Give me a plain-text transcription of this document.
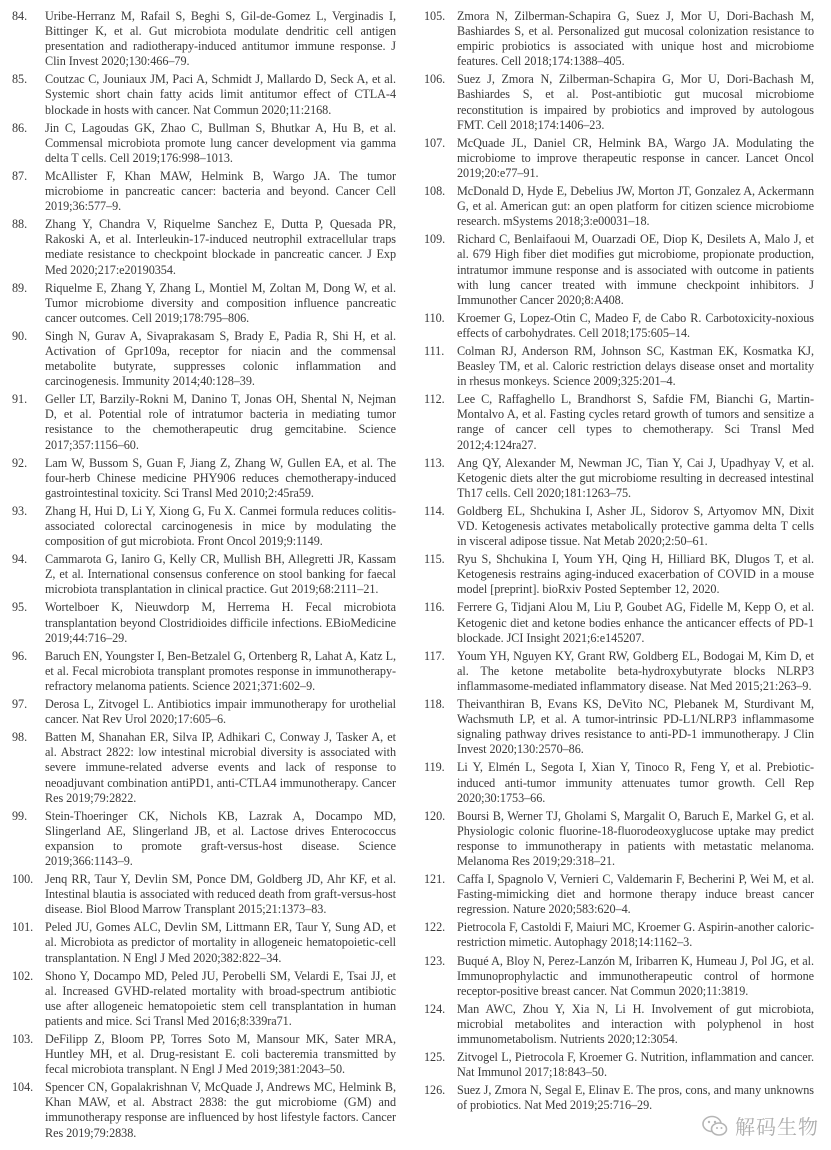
84.	Uribe-Herranz M, Rafail S, Beghi S, Gil-de-Gomez L, Verginadis I, Bittinger K, et al. Gut microbiota modulate dendritic cell antigen presentation and radiotherapy-induced antitumor immune response. J Clin Invest 2020;130:466–79.
85.	Coutzac C, Jouniaux JM, Paci A, Schmidt J, Mallardo D, Seck A, et al. Systemic short chain fatty acids limit antitumor effect of CTLA-4 blockade in hosts with cancer. Nat Commun 2020;11:2168.
86.	Jin C, Lagoudas GK, Zhao C, Bullman S, Bhutkar A, Hu B, et al. Commensal microbiota promote lung cancer development via gamma delta T cells. Cell 2019;176:998–1013.
87.	McAllister F, Khan MAW, Helmink B, Wargo JA. The tumor microbiome in pancreatic cancer: bacteria and beyond. Cancer Cell 2019;36:577–9.
88.	Zhang Y, Chandra V, Riquelme Sanchez E, Dutta P, Quesada PR, Rakoski A, et al. Interleukin-17-induced neutrophil extracellular traps mediate resistance to checkpoint blockade in pancreatic cancer. J Exp Med 2020;217:e20190354.
89.	Riquelme E, Zhang Y, Zhang L, Montiel M, Zoltan M, Dong W, et al. Tumor microbiome diversity and composition influence pancreatic cancer outcomes. Cell 2019;178:795–806.
90.	Singh N, Gurav A, Sivaprakasam S, Brady E, Padia R, Shi H, et al. Activation of Gpr109a, receptor for niacin and the commensal metabolite butyrate, suppresses colonic inflammation and carcinogenesis. Immunity 2014;40:128–39.
91.	Geller LT, Barzily-Rokni M, Danino T, Jonas OH, Shental N, Nejman D, et al. Potential role of intratumor bacteria in mediating tumor resistance to the chemotherapeutic drug gemcitabine. Science 2017;357:1156–60.
92.	Lam W, Bussom S, Guan F, Jiang Z, Zhang W, Gullen EA, et al. The four-herb Chinese medicine PHY906 reduces chemotherapy-induced gastrointestinal toxicity. Sci Transl Med 2010;2:45ra59.
93.	Zhang H, Hui D, Li Y, Xiong G, Fu X. Canmei formula reduces colitis-associated colorectal carcinogenesis in mice by modulating the composition of gut microbiota. Front Oncol 2019;9:1149.
94.	Cammarota G, Ianiro G, Kelly CR, Mullish BH, Allegretti JR, Kassam Z, et al. International consensus conference on stool banking for faecal microbiota transplantation in clinical practice. Gut 2019;68:2111–21.
95.	Wortelboer K, Nieuwdorp M, Herrema H. Fecal microbiota transplantation beyond Clostridioides difficile infections. EBioMedicine 2019;44:716–29.
96.	Baruch EN, Youngster I, Ben-Betzalel G, Ortenberg R, Lahat A, Katz L, et al. Fecal microbiota transplant promotes response in immunotherapy-refractory melanoma patients. Science 2021;371:602–9.
97.	Derosa L, Zitvogel L. Antibiotics impair immunotherapy for urothelial cancer. Nat Rev Urol 2020;17:605–6.
98.	Batten M, Shanahan ER, Silva IP, Adhikari C, Conway J, Tasker A, et al. Abstract 2822: low intestinal microbial diversity is associated with severe immune-related adverse events and lack of response to neoadjuvant combination antiPD1, anti-CTLA4 immunotherapy. Cancer Res 2019;79:2822.
99.	Stein-Thoeringer CK, Nichols KB, Lazrak A, Docampo MD, Slingerland AE, Slingerland JB, et al. Lactose drives Enterococcus expansion to promote graft-versus-host disease. Science 2019;366:1143–9.
100. Jenq RR, Taur Y, Devlin SM, Ponce DM, Goldberg JD, Ahr KF, et al. Intestinal blautia is associated with reduced death from graft-versus-host disease. Biol Blood Marrow Transplant 2015;21:1373–83.
101. Peled JU, Gomes ALC, Devlin SM, Littmann ER, Taur Y, Sung AD, et al. Microbiota as predictor of mortality in allogeneic hematopoietic-cell transplantation. N Engl J Med 2020;382:822–34.
102. Shono Y, Docampo MD, Peled JU, Perobelli SM, Velardi E, Tsai JJ, et al. Increased GVHD-related mortality with broad-spectrum antibiotic use after allogeneic hematopoietic stem cell transplantation in human patients and mice. Sci Transl Med 2016;8:339ra71.
103. DeFilipp Z, Bloom PP, Torres Soto M, Mansour MK, Sater MRA, Huntley MH, et al. Drug-resistant E. coli bacteremia transmitted by fecal microbiota transplant. N Engl J Med 2019;381:2043–50.
104. Spencer CN, Gopalakrishnan V, McQuade J, Andrews MC, Helmink B, Khan MAW, et al. Abstract 2838: the gut microbiome (GM) and immunotherapy response are influenced by host lifestyle factors. Cancer Res 2019;79:2838.
105. Zmora N, Zilberman-Schapira G, Suez J, Mor U, Dori-Bachash M, Bashiardes S, et al. Personalized gut mucosal colonization resistance to empiric probiotics is associated with unique host and microbiome features. Cell 2018;174:1388–405.
106. Suez J, Zmora N, Zilberman-Schapira G, Mor U, Dori-Bachash M, Bashiardes S, et al. Post-antibiotic gut mucosal microbiome reconstitution is impaired by probiotics and improved by autologous FMT. Cell 2018;174:1406–23.
107. McQuade JL, Daniel CR, Helmink BA, Wargo JA. Modulating the microbiome to improve therapeutic response in cancer. Lancet Oncol 2019;20:e77–91.
108. McDonald D, Hyde E, Debelius JW, Morton JT, Gonzalez A, Ackermann G, et al. American gut: an open platform for citizen science microbiome research. mSystems 2018;3:e00031–18.
109. Richard C, Benlaifaoui M, Ouarzadi OE, Diop K, Desilets A, Malo J, et al. 679 High fiber diet modifies gut microbiome, propionate production, intratumor immune response and is associated with outcome in patients with lung cancer treated with immune checkpoint inhibitors. J Immunother Cancer 2020;8:A408.
110.	Kroemer G, Lopez-Otin C, Madeo F, de Cabo R. Carbotoxicity-noxious effects of carbohydrates. Cell 2018;175:605–14.
111.	Colman RJ, Anderson RM, Johnson SC, Kastman EK, Kosmatka KJ, Beasley TM, et al. Caloric restriction delays disease onset and mortality in rhesus monkeys. Science 2009;325:201–4.
112.	Lee C, Raffaghello L, Brandhorst S, Safdie FM, Bianchi G, Martin-Montalvo A, et al. Fasting cycles retard growth of tumors and sensitize a range of cancer cell types to chemotherapy. Sci Transl Med 2012;4:124ra27.
113.	Ang QY, Alexander M, Newman JC, Tian Y, Cai J, Upadhyay V, et al. Ketogenic diets alter the gut microbiome resulting in decreased intestinal Th17 cells. Cell 2020;181:1263–75.
114.	Goldberg EL, Shchukina I, Asher JL, Sidorov S, Artyomov MN, Dixit VD. Ketogenesis activates metabolically protective gamma delta T cells in visceral adipose tissue. Nat Metab 2020;2:50–61.
115.	Ryu S, Shchukina I, Youm YH, Qing H, Hilliard BK, Dlugos T, et al. Ketogenesis restrains aging-induced exacerbation of COVID in a mouse model [preprint]. bioRxiv Posted September 12, 2020.
116.	Ferrere G, Tidjani Alou M, Liu P, Goubet AG, Fidelle M, Kepp O, et al. Ketogenic diet and ketone bodies enhance the anticancer effects of PD-1 blockade. JCI Insight 2021;6:e145207.
117.	Youm YH, Nguyen KY, Grant RW, Goldberg EL, Bodogai M, Kim D, et al. The ketone metabolite beta-hydroxybutyrate blocks NLRP3 inflammasome-mediated inflammatory disease. Nat Med 2015;21:263–9.
118.	Theivanthiran B, Evans KS, DeVito NC, Plebanek M, Sturdivant M, Wachsmuth LP, et al. A tumor-intrinsic PD-L1/NLRP3 inflammasome signaling pathway drives resistance to anti-PD-1 immunotherapy. J Clin Invest 2020;130:2570–86.
119.	Li Y, Elmén L, Segota I, Xian Y, Tinoco R, Feng Y, et al. Prebiotic-induced anti-tumor immunity attenuates tumor growth. Cell Rep 2020;30:1753–66.
120. Boursi B, Werner TJ, Gholami S, Margalit O, Baruch E, Markel G, et al. Physiologic colonic fluorine-18-fluorodeoxyglucose uptake may predict response to immunotherapy in patients with metastatic melanoma. Melanoma Res 2019;29:318–21.
121. Caffa I, Spagnolo V, Vernieri C, Valdemarin F, Becherini P, Wei M, et al. Fasting-mimicking diet and hormone therapy induce breast cancer regression. Nature 2020;583:620–4.
122. Pietrocola F, Castoldi F, Maiuri MC, Kroemer G. Aspirin-another caloric-restriction mimetic. Autophagy 2018;14:1162–3.
123. Buqué A, Bloy N, Perez-Lanzón M, Iribarren K, Humeau J, Pol JG, et al. Immunoprophylactic and immunotherapeutic control of hormone receptor-positive breast cancer. Nat Commun 2020;11:3819.
124. Man AWC, Zhou Y, Xia N, Li H. Involvement of gut microbiota, microbial metabolites and interaction with polyphenol in host immunometabolism. Nutrients 2020;12:3054.
125. Zitvogel L, Pietrocola F, Kroemer G. Nutrition, inflammation and cancer. Nat Immunol 2017;18:843–50.
126. Suez J, Zmora N, Segal E, Elinav E. The pros, cons, and many unknowns of probiotics. Nat Med 2019;25:716–29.
解码生物
